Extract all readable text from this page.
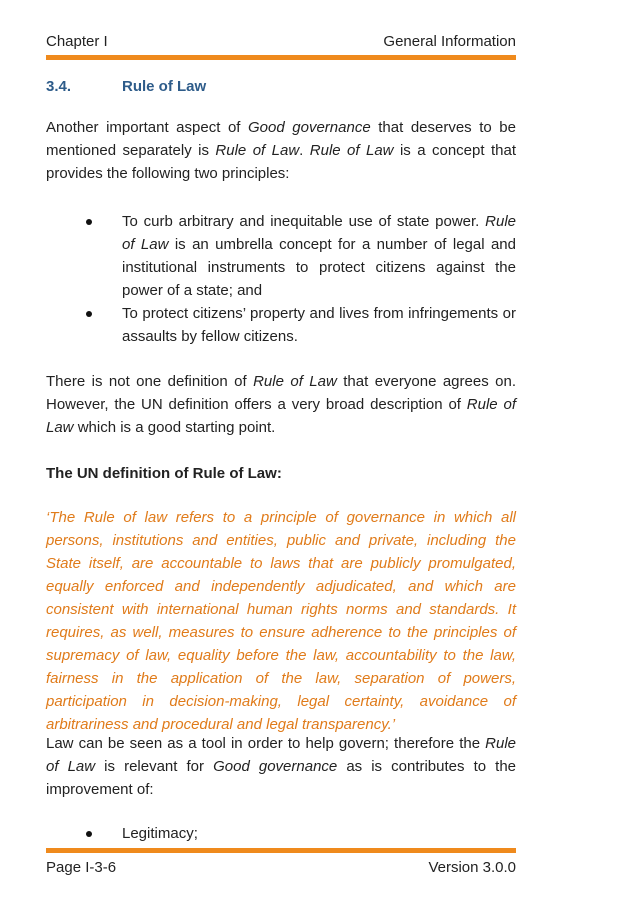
Chapter I	General Information
3.4.	Rule of Law

Another important aspect of Good governance that deserves to be mentioned separately is Rule of Law. Rule of Law is a concept that provides the following two principles:

To curb arbitrary and inequitable use of state power. Rule of Law is an umbrella concept for a number of legal and institutional instruments to protect citizens against the power of a state; and
To protect citizens’ property and lives from infringements or assaults by fellow citizens.

There is not one definition of Rule of Law that everyone agrees on. However, the UN definition offers a very broad description of Rule of Law which is a good starting point.

The UN definition of Rule of Law:

‘The Rule of law refers to a principle of governance in which all persons, institutions and entities, public and private, including the State itself, are accountable to laws that are publicly promulgated, equally enforced and independently adjudicated, and which are consistent with international human rights norms and standards. It requires, as well, measures to ensure adherence to the principles of supremacy of law, equality before the law, accountability to the law, fairness in the application of the law, separation of powers, participation in decision-making, legal certainty, avoidance of arbitrariness and procedural and legal transparency.’

Law can be seen as a tool in order to help govern; therefore the Rule of Law is relevant for Good governance as is contributes to the improvement of:

Legitimacy;
Page I-3-6	Version 3.0.0
